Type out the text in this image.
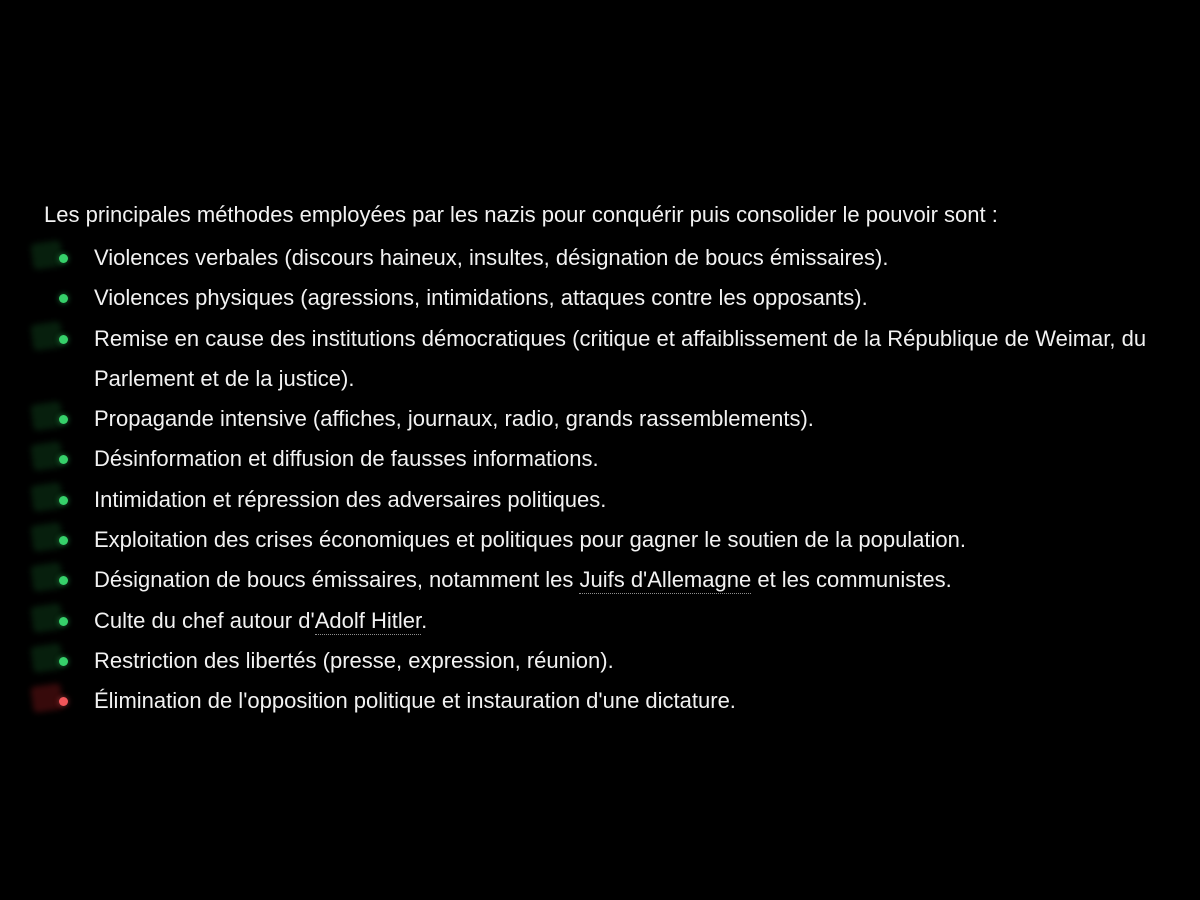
Les principales méthodes employées par les nazis pour conquérir puis consolider le pouvoir sont :

Violences verbales (discours haineux, insultes, désignation de boucs émissaires).
Violences physiques (agressions, intimidations, attaques contre les opposants).
Remise en cause des institutions démocratiques (critique et affaiblissement de la République de Weimar, du Parlement et de la justice).
Propagande intensive (affiches, journaux, radio, grands rassemblements).
Désinformation et diffusion de fausses informations.
Intimidation et répression des adversaires politiques.
Exploitation des crises économiques et politiques pour gagner le soutien de la population.
Désignation de boucs émissaires, notamment les Juifs d'Allemagne et les communistes.
Culte du chef autour d'Adolf Hitler.
Restriction des libertés (presse, expression, réunion).
Élimination de l'opposition politique et instauration d'une dictature.
